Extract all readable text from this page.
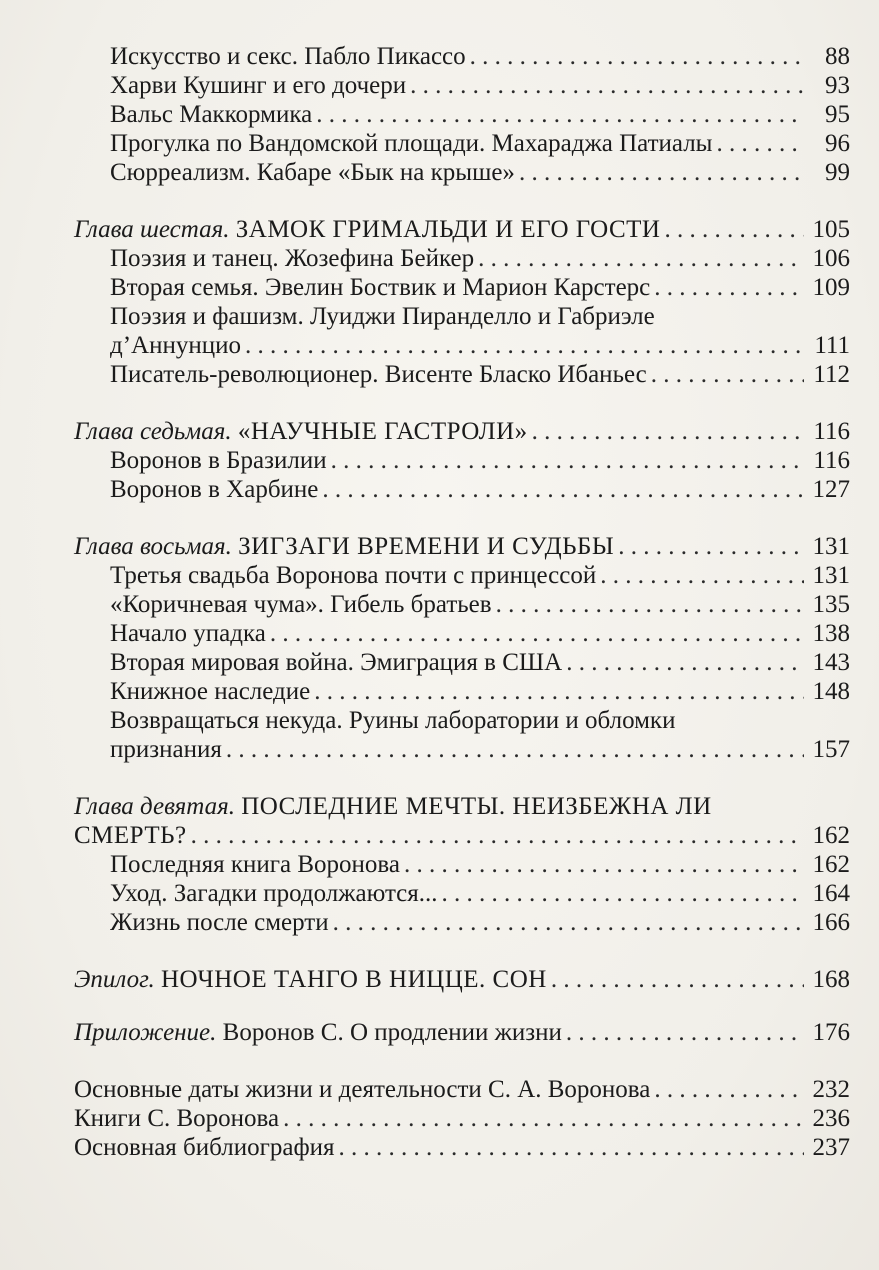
Искусство и секс. Пабло Пикассо . . .	88
Харви Кушинг и его дочери . . .	93
Вальс Маккормика . . .	95
Прогулка по Вандомской площади. Махараджа Патиалы . . .	96
Сюрреализм. Кабаре «Бык на крыше» . . .	99
Глава шестая. ЗАМОК ГРИМАЛЬДИ И ЕГО ГОСТИ . . .	105
Поэзия и танец. Жозефина Бейкер . . .	106
Вторая семья. Эвелин Боствик и Марион Карстерс . . .	109
Поэзия и фашизм. Луиджи Пиранделло и Габриэле
д’Аннунцио . . .	111
Писатель-революционер. Висенте Бласко Ибаньес . . .	112
Глава седьмая. «НАУЧНЫЕ ГАСТРОЛИ» . . .	116
Воронов в Бразилии . . .	116
Воронов в Харбине . . .	127
Глава восьмая. ЗИГЗАГИ ВРЕМЕНИ И СУДЬБЫ . . .	131
Третья свадьба Воронова почти с принцессой . . .	131
«Коричневая чума». Гибель братьев . . .	135
Начало упадка . . .	138
Вторая мировая война. Эмиграция в США . . .	143
Книжное наследие . . .	148
Возвращаться некуда. Руины лаборатории и обломки
признания . . .	157
Глава девятая. ПОСЛЕДНИЕ МЕЧТЫ. НЕИЗБЕЖНА ЛИ
СМЕРТЬ? . . .	162
Последняя книга Воронова . . .	162
Уход. Загадки продолжаются... . . .	164
Жизнь после смерти . . .	166
Эпилог. НОЧНОЕ ТАНГО В НИЦЦЕ. СОН . . .	168
Приложение. Воронов С. О продлении жизни . . .	176
Основные даты жизни и деятельности С. А. Воронова . . .	232
Книги С. Воронова . . .	236
Основная библиография . . .	237
